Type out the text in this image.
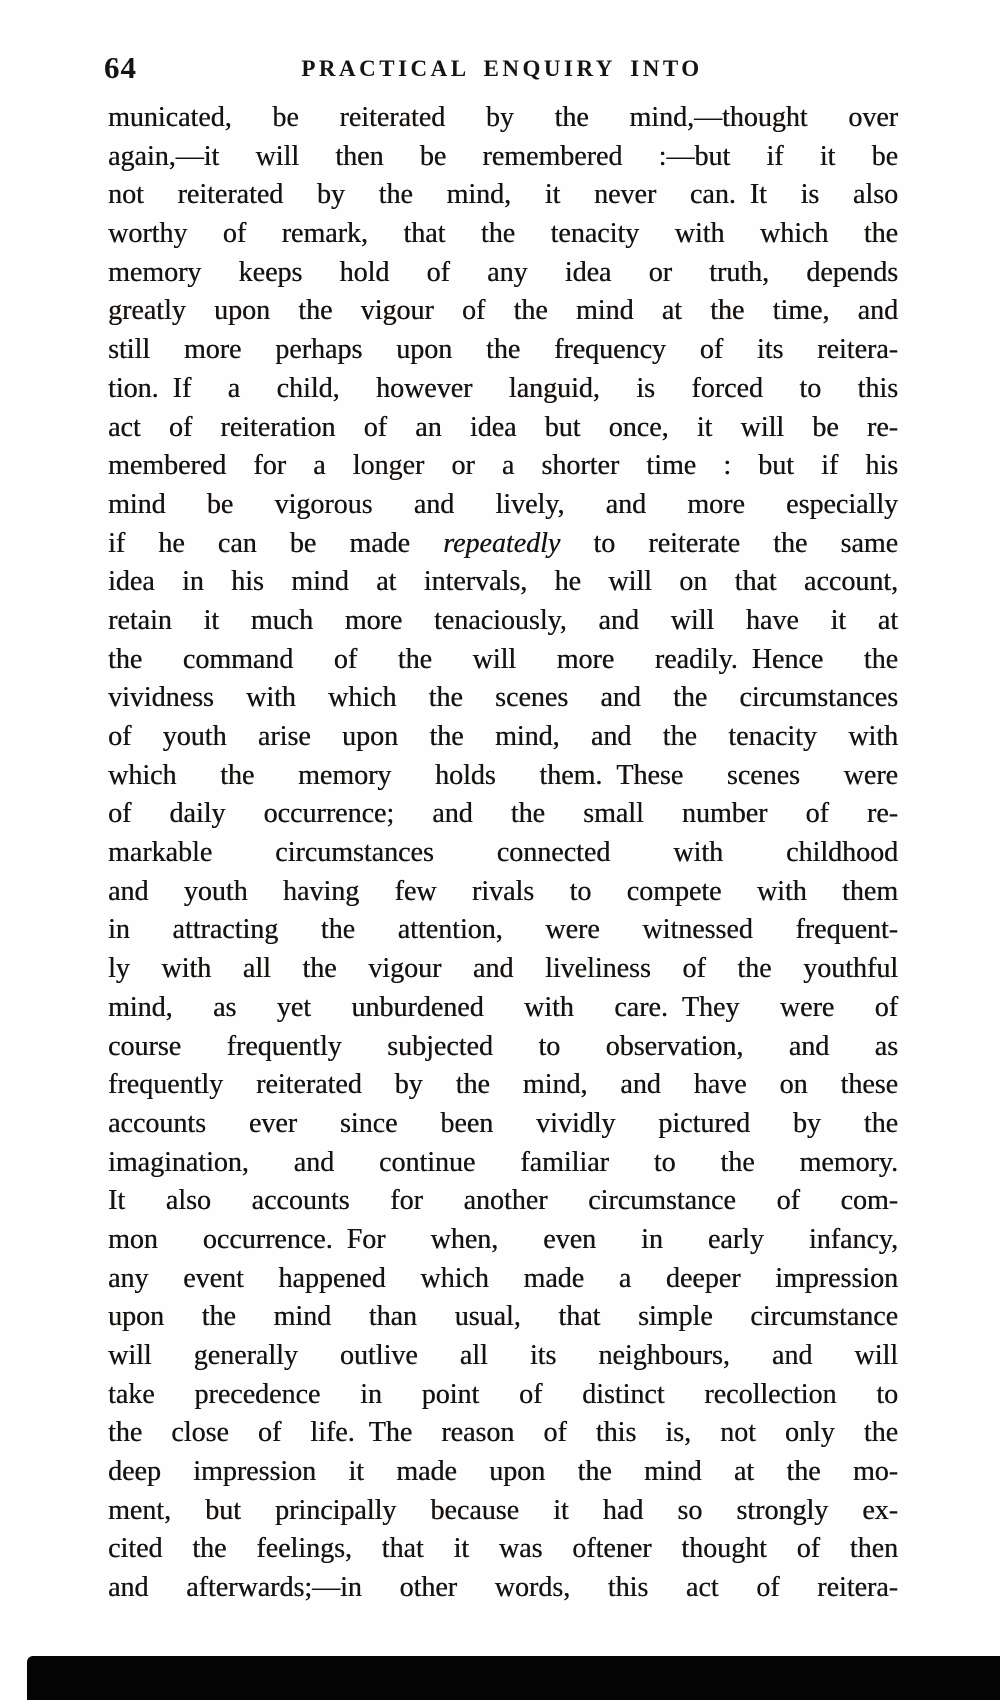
64	PRACTICAL ENQUIRY INTO
municated, be reiterated by the mind,—thought over
again,—it will then be remembered :—but if it be
not reiterated by the mind, it never can. It is also
worthy of remark, that the tenacity with which the
memory keeps hold of any idea or truth, depends
greatly upon the vigour of the mind at the time, and
still more perhaps upon the frequency of its reitera-
tion. If a child, however languid, is forced to this
act of reiteration of an idea but once, it will be re-
membered for a longer or a shorter time : but if his
mind be vigorous and lively, and more especially
if he can be made repeatedly to reiterate the same
idea in his mind at intervals, he will on that account,
retain it much more tenaciously, and will have it at
the command of the will more readily. Hence the
vividness with which the scenes and the circumstances
of youth arise upon the mind, and the tenacity with
which the memory holds them. These scenes were
of daily occurrence; and the small number of re-
markable circumstances connected with childhood
and youth having few rivals to compete with them
in attracting the attention, were witnessed frequent-
ly with all the vigour and liveliness of the youthful
mind, as yet unburdened with care. They were of
course frequently subjected to observation, and as
frequently reiterated by the mind, and have on these
accounts ever since been vividly pictured by the
imagination, and continue familiar to the memory.
It also accounts for another circumstance of com-
mon occurrence. For when, even in early infancy,
any event happened which made a deeper impression
upon the mind than usual, that simple circumstance
will generally outlive all its neighbours, and will
take precedence in point of distinct recollection to
the close of life. The reason of this is, not only the
deep impression it made upon the mind at the mo-
ment, but principally because it had so strongly ex-
cited the feelings, that it was oftener thought of then
and afterwards;—in other words, this act of reitera-
